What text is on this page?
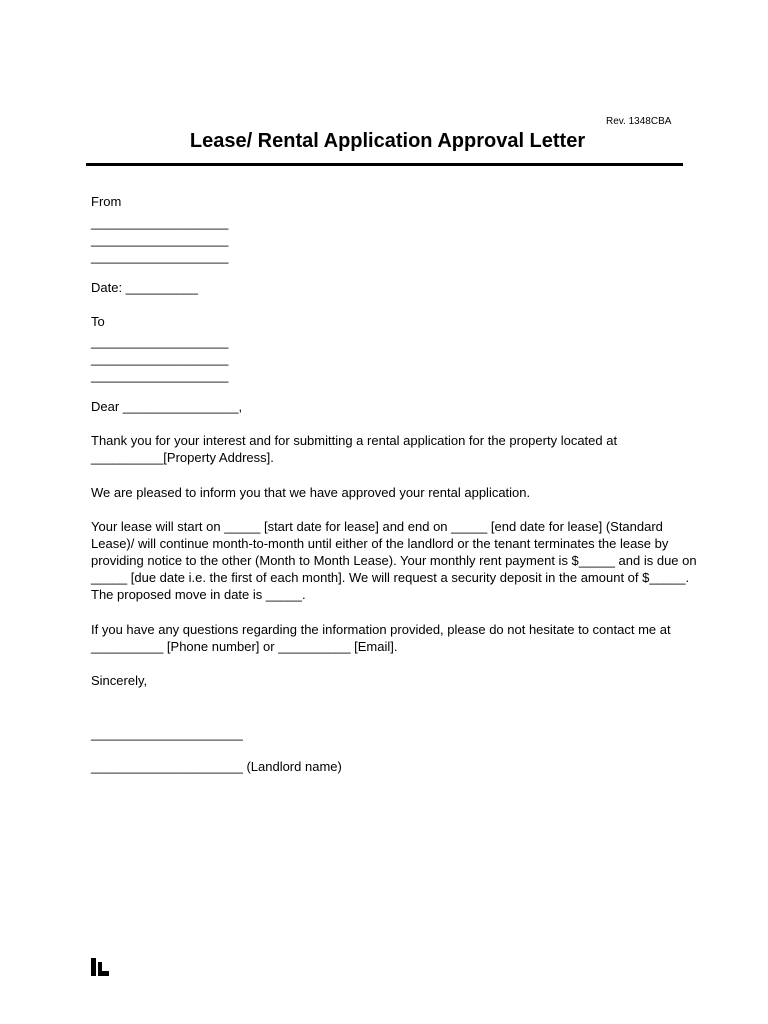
Rev. 1348CBA
Lease/ Rental Application Approval Letter
From
___________________
___________________
___________________
Date: __________
To
___________________
___________________
___________________
Dear ________________,
Thank you for your interest and for submitting a rental application for the property located at
__________[Property Address].
We are pleased to inform you that we have approved your rental application.
Your lease will start on _____ [start date for lease] and end on _____ [end date for lease] (Standard
Lease)/ will continue month-to-month until either of the landlord or the tenant terminates the lease by
providing notice to the other (Month to Month Lease). Your monthly rent payment is $_____ and is due on
_____ [due date i.e. the first of each month]. We will request a security deposit in the amount of $_____.
The proposed move in date is _____.
If you have any questions regarding the information provided, please do not hesitate to contact me at
__________ [Phone number] or __________ [Email].
Sincerely,
_____________________
_____________________ (Landlord name)
